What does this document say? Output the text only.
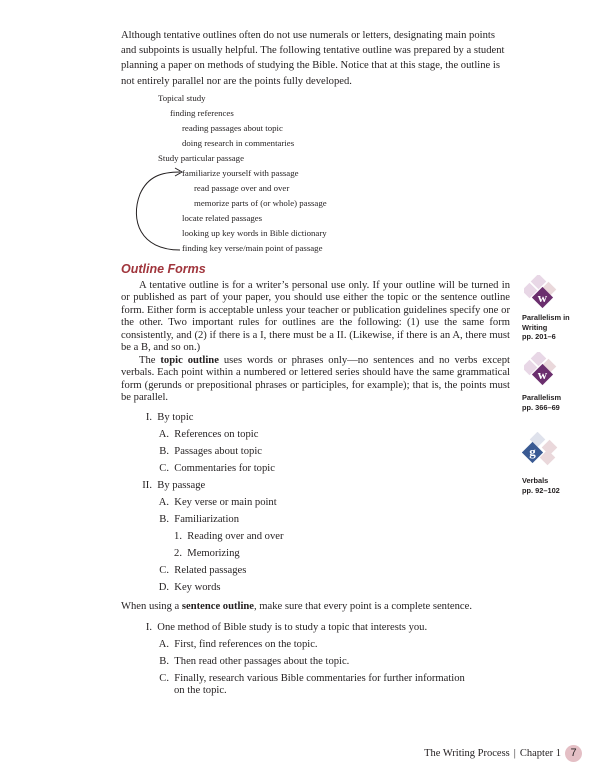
Although tentative outlines often do not use numerals or letters, designating main points and subpoints is usually helpful. The following tentative outline was prepared by a student planning a paper on methods of studying the Bible. Notice that at this stage, the outline is not entirely parallel nor are the points fully developed.
Topical study
finding references
reading passages about topic
doing research in commentaries
Study particular passage
familiarize yourself with passage
read passage over and over
memorize parts of (or whole) passage
locate related passages
looking up key words in Bible dictionary
finding key verse/main point of passage
Outline Forms
A tentative outline is for a writer’s personal use only. If your outline will be turned in or published as part of your paper, you should use either the topic or the sentence outline form. Either form is acceptable unless your teacher or publication guidelines specify one or the other. Two important rules for outlines are the following: (1) use the same form consistently, and (2) if there is a I, there must be a II. (Likewise, if there is an A, there must be a B, and so on.)
The topic outline uses words or phrases only—no sentences and no verbs except verbals. Each point within a numbered or lettered series should have the same grammatical form (gerunds or prepositional phrases or participles, for example); that is, the points must be parallel.
I. By topic
A. References on topic
B. Passages about topic
C. Commentaries for topic
II. By passage
A. Key verse or main point
B. Familiarization
1. Reading over and over
2. Memorizing
C. Related passages
D. Key words
When using a sentence outline, make sure that every point is a complete sentence.
I. One method of Bible study is to study a topic that interests you.
A. First, find references on the topic.
B. Then read other passages about the topic.
C. Finally, research various Bible commentaries for further information
on the topic.
w
Parallelism in Writing
pp. 201–6
w
Parallelism
pp. 366–69
g
Verbals
pp. 92–102
The Writing Process | Chapter 1 7
